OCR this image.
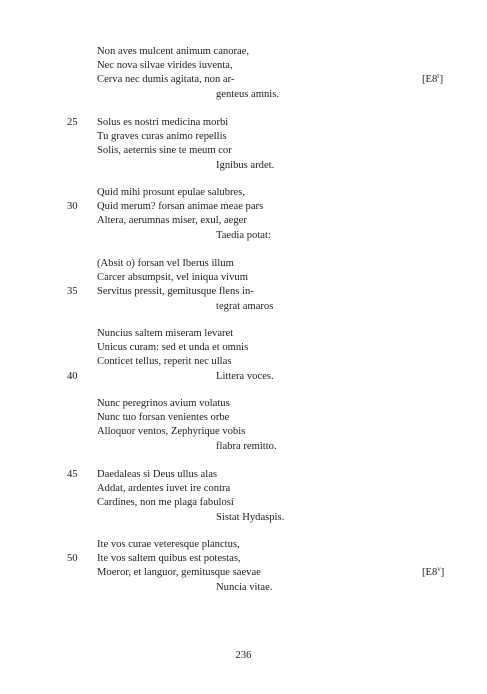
Non aves mulcent animum canorae,
Nec nova silvae virides iuventa,
Cerva nec dumis agitata, non ar-
genteus amnis.
[E8$^r$]
25 Solus es nostri medicina morbi
Tu graves curas animo repellis
Solis, aeternis sine te meum cor
Ignibus ardet.
Quid mihi prosunt epulae salubres,
Quid merum? forsan animae meae pars
Altera, aerumnas miser, exul, aeger
Taedia potat:
30
(Absit o) forsan vel Iberus illum
Carcer absumpsit, vel iniqua vivum
Servitus pressit, gemitusque flens in-
tegrat amaros
35
Nuncius saltem miseram levaret
Unicus curam: sed et unda et omnis
Conticet tellus, reperit nec ullas
Littera voces.
40
Nunc peregrinos avium volatus
Nunc tuo forsan venientes orbe
Alloquor ventos, Zephyrique vobis
flabra remitto.
45 Daedaleas si Deus ullus alas
Addat, ardentes iuvet ire contra
Cardines, non me plaga fabulosi
Sistat Hydaspis.
Ite vos curae veteresque planctus,
Ite vos saltem quibus est potestas,
Moeror, et languor, gemitusque saevae
Nuncia vitae.
50
[E8$^v$]
236
